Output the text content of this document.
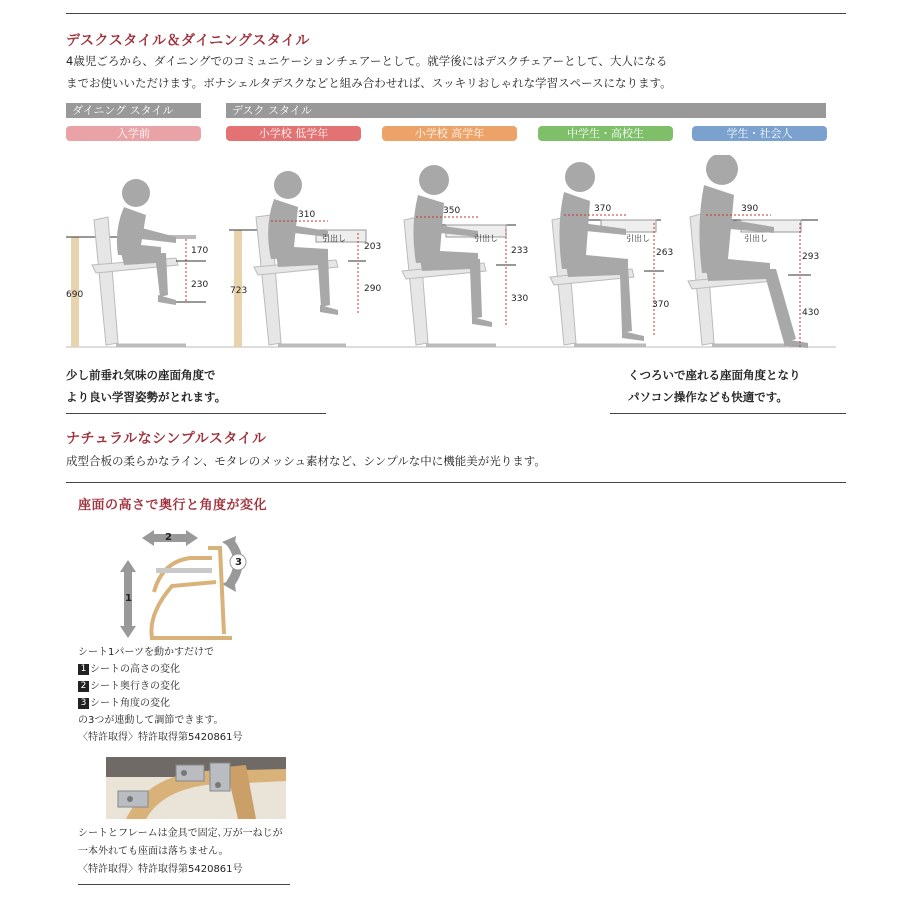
デスクスタイル＆ダイニングスタイル
4歳児ごろから、ダイニングでのコミュニケーションチェアーとして。就学後にはデスクチェアーとして、大人になる
までお使いいただけます。ボナシェルタデスクなどと組み合わせれば、スッキリおしゃれな学習スペースになります。
ダイニング スタイル	デスク スタイル
入学前	小学校 低学年	小学校 高学年	中学生・高校生	学生・社会人
690
170
230
723
310
引出し
203
290
350
引出し
233
330
370
引出し
263
370
390
引出し
293
430
少し前垂れ気味の座面角度で
より良い学習姿勢がとれます。
くつろいで座れる座面角度となり
パソコン操作なども快適です。
ナチュラルなシンプルスタイル
成型合板の柔らかなライン、モタレのメッシュ素材など、シンプルな中に機能美が光ります。
座面の高さで奥行と角度が変化
2
1
3
シート1パーツを動かすだけで
1 シートの高さの変化
2 シート奥行きの変化
3 シート角度の変化
の3つが連動して調節できます。
〈特許取得〉特許取得第5420861号
シートとフレームは金具で固定､万が一ねじが
一本外れても座面は落ちません。
〈特許取得〉特許取得第5420861号
